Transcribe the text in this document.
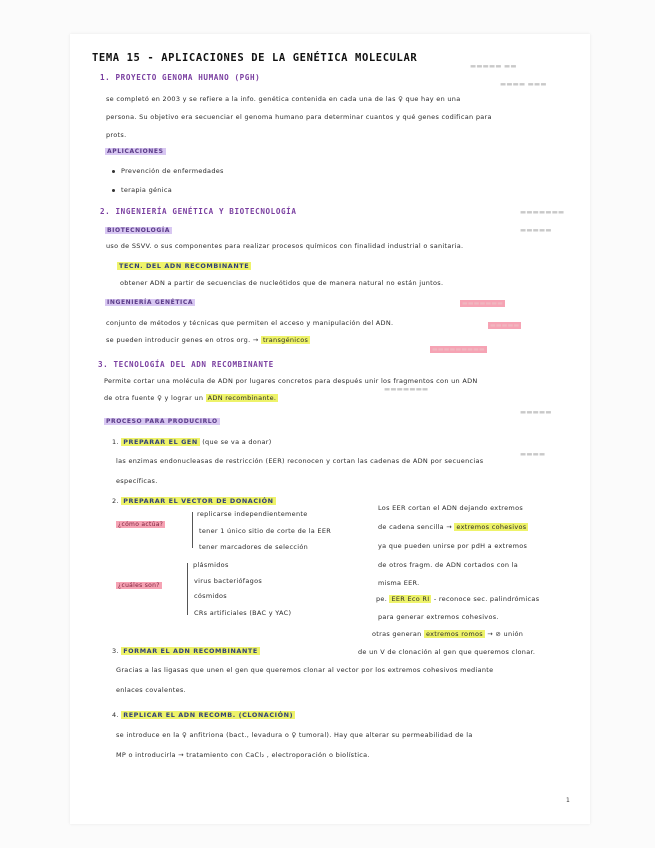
▬▬▬▬▬ ▬▬
▬▬▬▬ ▬▬▬
▬▬▬▬▬▬▬
▬▬▬▬▬
▬▬▬▬▬▬▬
▬▬▬▬▬
▬▬▬▬▬▬▬▬▬
▬▬▬▬▬▬▬
▬▬▬▬▬
▬▬▬▬
TEMA 15 - APLICACIONES DE LA GENÉTICA MOLECULAR
1. PROYECTO GENOMA HUMANO (PGH)
se completó en 2003 y se refiere a la info. genética contenida en cada una de las ♀ que hay en una
persona. Su objetivo era secuenciar el genoma humano para determinar cuantos y qué genes codifican para
prots.
APLICACIONES
Prevención de enfermedades
terapia génica
2. INGENIERÍA GENÉTICA Y BIOTECNOLOGÍA
BIOTECNOLOGÍA
uso de SSVV. o sus componentes para realizar procesos químicos con finalidad industrial o sanitaria.
TECN. DEL ADN RECOMBINANTE
obtener ADN a partir de secuencias de nucleótidos que de manera natural no están juntos.
INGENIERÍA GENÉTICA
conjunto de métodos y técnicas que permiten el acceso y manipulación del ADN.
se pueden introducir genes en otros org. → transgénicos
3. TECNOLOGÍA DEL ADN RECOMBINANTE
Permite cortar una molécula de ADN por lugares concretos para después unir los fragmentos con un ADN
de otra fuente ♀ y lograr un ADN recombinante.
PROCESO PARA PRODUCIRLO
1. PREPARAR EL GEN (que se va a donar)
las enzimas endonucleasas de restricción (EER) reconocen y cortan las cadenas de ADN por secuencias
específicas.
2. PREPARAR EL VECTOR DE DONACIÓN
¿cómo actúa?
replicarse independientemente
tener 1 único sitio de corte de la EER
tener marcadores de selección
¿cuáles son?
plásmidos
virus bacteriófagos
cósmidos
CRs artificiales (BAC y YAC)
Los EER cortan el ADN dejando extremos
de cadena sencilla → extremos cohesivos
ya que pueden unirse por pdH a extremos
de otros fragm. de ADN cortados con la
misma EER.
pe. EER Eco RI - reconoce sec. palindrómicas
para generar extremos cohesivos.
otras generan extremos romos → ⊘ unión
de un V de clonación al gen que queremos clonar.
3. FORMAR EL ADN RECOMBINANTE
Gracias a las ligasas que unen el gen que queremos clonar al vector por los extremos cohesivos mediante
enlaces covalentes.
4. REPLICAR EL ADN RECOMB. (CLONACIÓN)
se introduce en la ♀ anfitriona (bact., levadura o ♀ tumoral). Hay que alterar su permeabilidad de la
MP o introducirla → tratamiento con CaCl₂ , electroporación o biolística.
1
